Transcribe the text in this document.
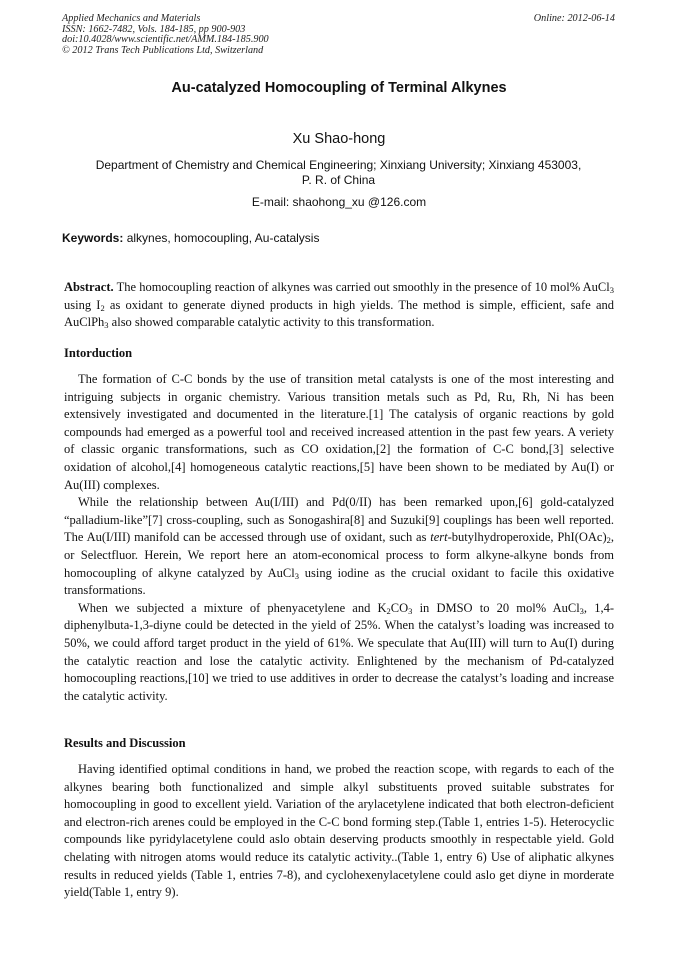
Applied Mechanics and Materials
ISSN: 1662-7482, Vols. 184-185, pp 900-903
doi:10.4028/www.scientific.net/AMM.184-185.900
© 2012 Trans Tech Publications Ltd, Switzerland
Online: 2012-06-14
Au-catalyzed Homocoupling of Terminal Alkynes
Xu Shao-hong
Department of Chemistry and Chemical Engineering; Xinxiang University; Xinxiang 453003,
P. R. of China
E-mail: shaohong_xu @126.com
Keywords: alkynes, homocoupling, Au-catalysis
Abstract. The homocoupling reaction of alkynes was carried out smoothly in the presence of 10 mol% AuCl$_3$ using $I_2$ as oxidant to generate diyned products in high yields. The method is simple, efficient, safe and AuClPh$_3$ also showed comparable catalytic activity to this transformation.
Intorduction

The formation of C-C bonds by the use of transition metal catalysts is one of the most interesting and intriguing subjects in organic chemistry. Various transition metals such as Pd, Ru, Rh, Ni has been extensively investigated and documented in the literature.[1] The catalysis of organic reactions by gold compounds had emerged as a powerful tool and received increased attention in the past few years. A veriety of classic organic transformations, such as CO oxidation,[2] the formation of C-C bond,[3] selective oxidation of alcohol,[4] homogeneous catalytic reactions,[5] have been shown to be mediated by Au(I) or Au(III) complexes.

While the relationship between Au(I/III) and Pd(0/II) has been remarked upon,[6] gold-catalyzed “palladium-like”[7] cross-coupling, such as Sonogashira[8] and Suzuki[9] couplings has been well reported. The Au(I/III) manifold can be accessed through use of oxidant, such as tert-butylhydroperoxide, $PhI(OAc)_2$, or Selectfluor. Herein, We report here an atom-economical process to form alkyne-alkyne bonds from homocoupling of alkyne catalyzed by AuCl$_3$ using iodine as the crucial oxidant to facile this oxidative transformations.

When we subjected a mixture of phenyacetylene and $K_2CO_3$ in DMSO to 20 mol% AuCl$_3$, 1,4-diphenylbuta-1,3-diyne could be detected in the yield of 25%. When the catalyst’s loading was increased to 50%, we could afford target product in the yield of 61%. We speculate that Au(III) will turn to Au(I) during the catalytic reaction and lose the catalytic activity. Enlightened by the mechanism of Pd-catalyzed homocoupling reactions,[10] we tried to use additives in order to decrease the catalyst’s loading and increase the catalytic activity.

Results and Discussion

Having identified optimal conditions in hand, we probed the reaction scope, with regards to each of the alkynes bearing both functionalized and simple alkyl substituents proved suitable substrates for homocoupling in good to excellent yield. Variation of the arylacetylene indicated that both electron-deficient and electron-rich arenes could be employed in the C-C bond forming step.(Table 1, entries 1-5). Heterocyclic compounds like pyridylacetylene could aslo obtain deserving products smoothly in respectable yield. Gold chelating with nitrogen atoms would reduce its catalytic activity..(Table 1, entry 6) Use of aliphatic alkynes results in reduced yields (Table 1, entries 7-8), and cyclohexenylacetylene could aslo get diyne in morderate yield(Table 1, entry 9).
